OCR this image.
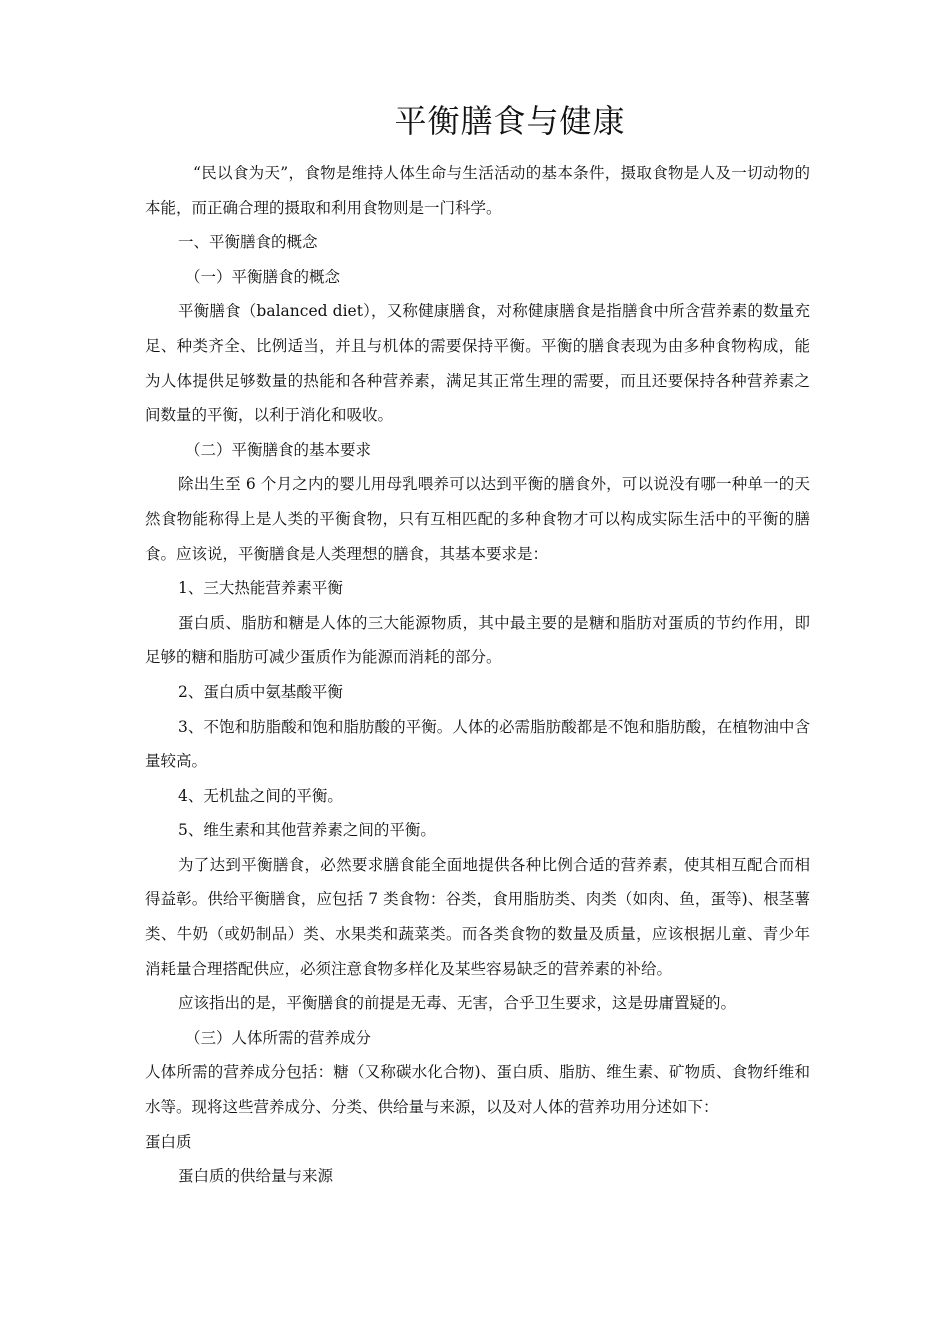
平衡膳食与健康

“民以食为天”，食物是维持人体生命与生活活动的基本条件，摄取食物是人及一切动物的本能，而正确合理的摄取和利用食物则是一门科学。

一、平衡膳食的概念

（一）平衡膳食的概念

平衡膳食（balanced diet），又称健康膳食，对称健康膳食是指膳食中所含营养素的数量充足、种类齐全、比例适当，并且与机体的需要保持平衡。平衡的膳食表现为由多种食物构成，能为人体提供足够数量的热能和各种营养素，满足其正常生理的需要，而且还要保持各种营养素之间数量的平衡，以利于消化和吸收。

（二）平衡膳食的基本要求

除出生至 6 个月之内的婴儿用母乳喂养可以达到平衡的膳食外，可以说没有哪一种单一的天然食物能称得上是人类的平衡食物，只有互相匹配的多种食物才可以构成实际生活中的平衡的膳食。应该说，平衡膳食是人类理想的膳食，其基本要求是：

1、三大热能营养素平衡

蛋白质、脂肪和糖是人体的三大能源物质，其中最主要的是糖和脂肪对蛋质的节约作用，即足够的糖和脂肪可减少蛋质作为能源而消耗的部分。

2、蛋白质中氨基酸平衡

3、不饱和肪脂酸和饱和脂肪酸的平衡。人体的必需脂肪酸都是不饱和脂肪酸，在植物油中含量较高。

4、无机盐之间的平衡。

5、维生素和其他营养素之间的平衡。

为了达到平衡膳食，必然要求膳食能全面地提供各种比例合适的营养素，使其相互配合而相得益彰。供给平衡膳食，应包括 7 类食物：谷类，食用脂肪类、肉类（如肉、鱼，蛋等)、根茎薯类、牛奶（或奶制品）类、水果类和蔬菜类。而各类食物的数量及质量，应该根据儿童、青少年消耗量合理搭配供应，必须注意食物多样化及某些容易缺乏的营养素的补给。

应该指出的是，平衡膳食的前提是无毒、无害，合乎卫生要求，这是毋庸置疑的。

（三）人体所需的营养成分

人体所需的营养成分包括：糖（又称碳水化合物)、蛋白质、脂肪、维生素、矿物质、食物纤维和水等。现将这些营养成分、分类、供给量与来源，以及对人体的营养功用分述如下：

蛋白质

蛋白质的供给量与来源
